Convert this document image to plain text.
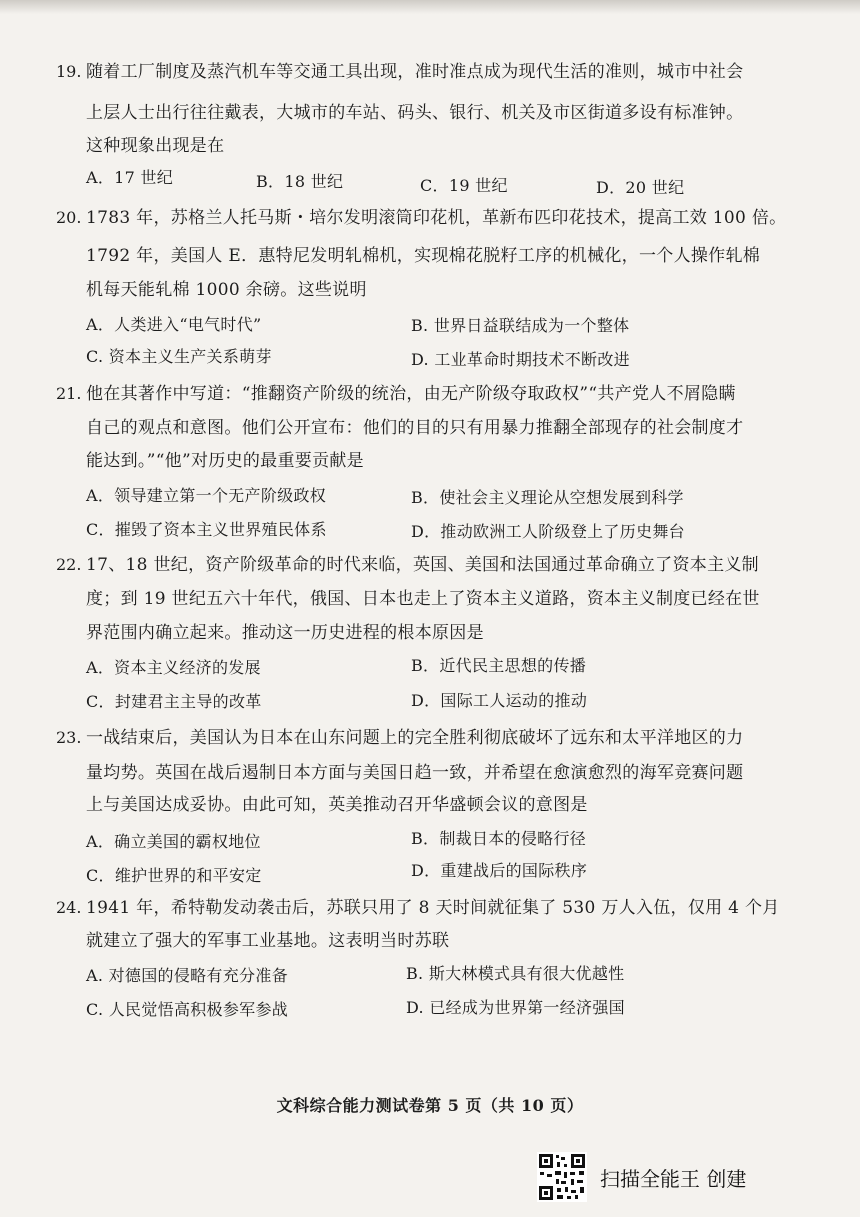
19. 随着工厂制度及蒸汽机车等交通工具出现，准时准点成为现代生活的准则，城市中社会
上层人士出行往往戴表，大城市的车站、码头、银行、机关及市区街道多设有标准钟。
这种现象出现是在
A．17 世纪	B．18 世纪	C．19 世纪	D．20 世纪
20. 1783 年，苏格兰人托马斯・培尔发明滚筒印花机，革新布匹印花技术，提高工效 100 倍。
1792 年，美国人 E．惠特尼发明轧棉机，实现棉花脱籽工序的机械化，一个人操作轧棉
机每天能轧棉 1000 余磅。这些说明
A．人类进入“电气时代”	B. 世界日益联结成为一个整体
C. 资本主义生产关系萌芽	D. 工业革命时期技术不断改进
21. 他在其著作中写道：“推翻资产阶级的统治，由无产阶级夺取政权”“共产党人不屑隐瞒
自己的观点和意图。他们公开宣布：他们的目的只有用暴力推翻全部现存的社会制度才
能达到。”“他”对历史的最重要贡献是
A．领导建立第一个无产阶级政权	B．使社会主义理论从空想发展到科学
C．摧毁了资本主义世界殖民体系	D．推动欧洲工人阶级登上了历史舞台
22. 17、18 世纪，资产阶级革命的时代来临，英国、美国和法国通过革命确立了资本主义制
度；到 19 世纪五六十年代，俄国、日本也走上了资本主义道路，资本主义制度已经在世
界范围内确立起来。推动这一历史进程的根本原因是
A．资本主义经济的发展	B．近代民主思想的传播
C．封建君主主导的改革	D．国际工人运动的推动
23. 一战结束后，美国认为日本在山东问题上的完全胜利彻底破坏了远东和太平洋地区的力
量均势。英国在战后遏制日本方面与美国日趋一致，并希望在愈演愈烈的海军竞赛问题
上与美国达成妥协。由此可知，英美推动召开华盛顿会议的意图是
A．确立美国的霸权地位	B．制裁日本的侵略行径
C．维护世界的和平安定	D．重建战后的国际秩序
24. 1941 年，希特勒发动袭击后，苏联只用了 8 天时间就征集了 530 万人入伍，仅用 4 个月
就建立了强大的军事工业基地。这表明当时苏联
A. 对德国的侵略有充分准备	B. 斯大林模式具有很大优越性
C. 人民觉悟高积极参军参战	D. 已经成为世界第一经济强国
文科综合能力测试卷第 5 页（共 10 页）
扫描全能王 创建
